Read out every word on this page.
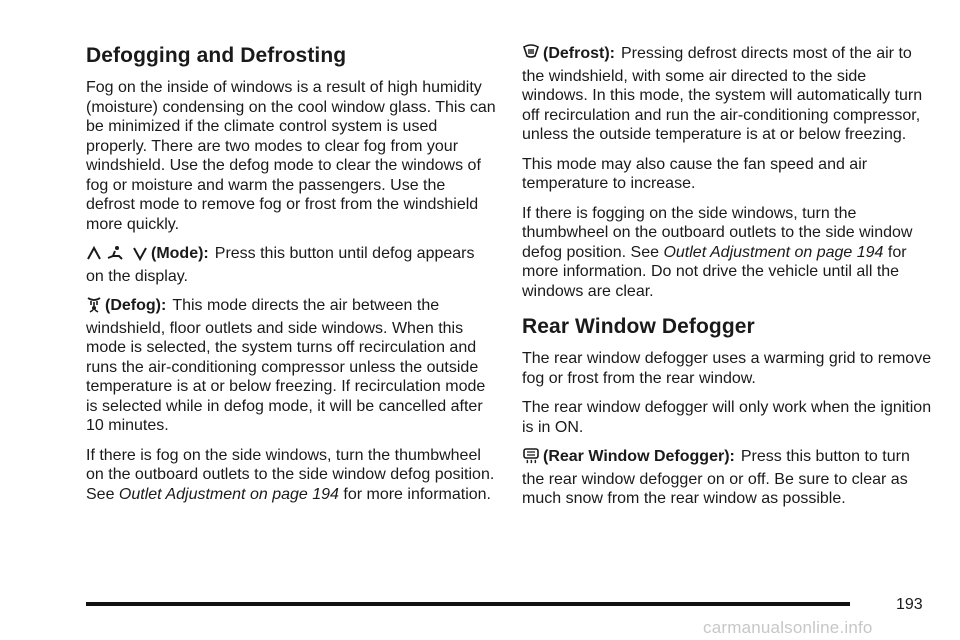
Defogging and Defrosting

Fog on the inside of windows is a result of high humidity (moisture) condensing on the cool window glass. This can be minimized if the climate control system is used properly. There are two modes to clear fog from your windshield. Use the defog mode to clear the windows of fog or moisture and warm the passengers. Use the defrost mode to remove fog or frost from the windshield more quickly.

(Mode): Press this button until defog appears on the display.

(Defog): This mode directs the air between the windshield, floor outlets and side windows. When this mode is selected, the system turns off recirculation and runs the air-conditioning compressor unless the outside temperature is at or below freezing. If recirculation mode is selected while in defog mode, it will be cancelled after 10 minutes.

If there is fog on the side windows, turn the thumbwheel on the outboard outlets to the side window defog position. See Outlet Adjustment on page 194 for more information.

(Defrost): Pressing defrost directs most of the air to the windshield, with some air directed to the side windows. In this mode, the system will automatically turn off recirculation and run the air-conditioning compressor, unless the outside temperature is at or below freezing.

This mode may also cause the fan speed and air temperature to increase.

If there is fogging on the side windows, turn the thumbwheel on the outboard outlets to the side window defog position. See Outlet Adjustment on page 194 for more information. Do not drive the vehicle until all the windows are clear.

Rear Window Defogger

The rear window defogger uses a warming grid to remove fog or frost from the rear window.

The rear window defogger will only work when the ignition is in ON.

(Rear Window Defogger): Press this button to turn the rear window defogger on or off. Be sure to clear as much snow from the rear window as possible.

193
carmanualsonline.info
